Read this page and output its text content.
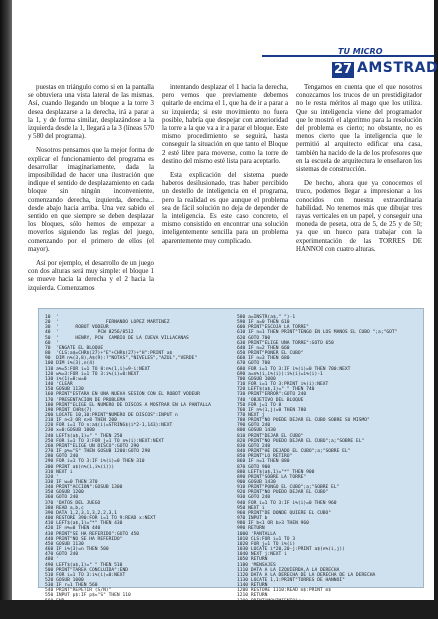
TU MICRO
27 AMSTRAD

puestas en triángulo como si en la pantalla se obtuviera una vista lateral de las mismas. Así, cuando llegando un bloque a la torre 3 desea desplazarse a la derecha, irá a parar a la 1, y de forma similar, desplazándose a la izquierda desde la 1, llegará a la 3 (líneas 570 y 580 del programa).

Nosotros pensamos que la mejor forma de explicar el funcionamiento del programa es desarrollar imaginariamente, dada la imposibilidad de hacer una ilustración que indique el sentido de desplazamiento en cada bloque sin ningún inconveniente, comenzando derecha, izquierda, derecha... desde abajo hacia arriba. Una vez sabido el sentido en que siempre se deben desplazar los bloques, sólo hemos de empezar a moverlos siguiendo las reglas del juego, comenzando por el primero de ellos (el mayor).

Así por ejemplo, el desarrollo de un juego con dos alturas será muy simple: el bloque 1 se mueve hacia la derecha y el 2 hacia la izquierda. Comenzamos

intentando desplazar el 1 hacia la derecha, pero vemos que previamente debemos quitarle de encima el 1, que ha de ir a parar a su izquierda; si este movimiento no fuera posible, habría que despejar con anterioridad la torre a la que va a ir a parar el bloque. Este mismo procedimiento se seguirá, hasta conseguir la situación en que tanto el Bloque 2 esté libre para moverse, como la torre de destino del mismo esté lista para aceptarlo.

Esta explicación del sistema puede haberos desilusionado, tras haber percibido un destello de inteligencia en el programa, pero la realidad es que aunque el problema sea de fácil solución no deja de depender de la inteligencia. Es este caso concreto, el mismo consistido en encontrar una solución inteligentemente sencilla para un problema aparentemente muy complicado.

Tengamos en cuenta que el que nosotros conozcamos los trucos de un prestidigitador no le resta méritos al mago que los utiliza. Que su inteligencia viene del programador que le mostró el algoritmo para la resolución del problema es cierto; no obstante, no es menos cierto que la inteligencia que le permitió al arquitecto edificar una casa, también ha nacido de la de los profesores que en la escuela de arquitectura le enseñaron los sistemas de construcción.

De hecho, ahora que ya conocemos el truco, podemos llegar a impresionar a los conocidos con nuestra extraordinaria habilidad. No tenemos más que dibujar tres rayas verticales en un papel, y conseguir una moneda de peseta, otra de 5, de 25 y de 50; ya que un hueco para trabajar con la experimentación de las TORRES DE HANNOI con cuatro alturas.

10  '
20  '                 FERNANDO LOPEZ MARTINEZ
30  '      ROBOT VODEUR
40  '              PCW 8256/8512
50  '      HENRY, PCW  CAMBIO DE LA CUEVA VILLACANAS
60  '
70  'ENGATE EL BLOQUE
80  'CLS:a$=CHR$(27)+"E"+CHR$(27)+"H":PRINT a$
90  DIM n%(3,8),A$(9):?"NOTAS","NIVELES","AZUL","VERDE"
100 DIM i%(3),n(4)
110 a%=5:FOR i=1 TO 8:n%(1,i)=9-i:NEXT
120 w%=3:FOR i=1 TO 3:i%(i)=0:NEXT
130 i%(1)=8:w=0
140 'CLEAR
150 GOSUB 1130
160 PRINT"ESTARA EN UNA NUEVA SESION CON EL ROBOT VODEUR
170 'PRESENTACION DE PROBLEMA
180 PRINT"ELIGE EL NUMERO DE DISCOS A MOSTRAR EN LA PANTALLA
190 PRINT CHR$(7)
200 LOCATE 10,10:PRINT"NUMERO DE DISCOS":INPUT n
210 IF n<3 OR n>8 THEN 200
220 FOR i=1 TO n:a$(i)=STRING$(i*2-1,143):NEXT
230 x=0:GOSUB 1000
240 LEFT$(a$,1)=" " THEN 250
250 FOR i=1 TO 3:FOR j=1 TO n%(i):NEXT:NEXT
260 PRINT"ELIGE UN DISCO":GOTO 290
270 IF p%="S" THEN GOSUB 1200:GOTO 290
280 GOTO 240
290 FOR i=1 TO 3:IF i%(i)=0 THEN 310
300 PRINT a$(n%(i,i%(i)))
310 NEXT i
320 '
330 IF w=0 THEN 370
340 PRINT"ACCION":GOSUB 1300
350 GOSUB 1200
360 GOTO 240
370 'DATOS DEL JUEGO
380 READ a,b,c
390 DATA 1,2,3,1,3,2,2,3,1
400 RESTORE 390:FOR i=1 TO 9:READ x:NEXT
410 LEFT$(a$,1)="*" THEN 430
420 IF n%=0 THEN 440
430 PRINT"SE HA REFERIDO":GOTO 450
440 PRINT"NO SE HA REFERIDO"
450 GOSUB 1130
460 IF i%(3)=n THEN 500
470 GOTO 240
480 '
490 LEFT$(a$,1)=" " THEN 510
500 PRINT"TAREA CONCLUIDA":END
510 FOR i=1 TO 3:i%(i)=0:NEXT
520 GOSUB 1000
530 IF r=1 THEN 560
540 PRINT"REPETIR (S/N)"
550 INPUT p$:IF p$="S" THEN 110
560 END
580 a=INSTR(a$," ")-1
590 IF a=0 THEN 610
600 PRINT"ESCOJA LA TORRE"
610 IF n=1 THEN PRINT"TENGO EN LOS MANOS EL CUBO ";a;"GOT"
620 GOTO 700
630 PRINT"ELIGE UNA TORRE":GOTO 650
640 IF n=2 THEN 660
650 PRINT"PONER EL CUBO"
660 IF n=3 THEN 680
670 GOTO 700
680 FOR i=1 TO 3:IF i%(i)=0 THEN 700:NEXT
690 a=n%(i,i%(i)):i%(i)=i%(i)-1
700 GOSUB 1000
710 FOR i=1 TO 3:PRINT i%(i):NEXT
720 LEFT$(a$,1)=" " THEN 740
730 PRINT"ERROR":GOTO 240
740 'OBJETIVO DEL BLOQUE
750 FOR j=1 TO 8
760 IF n%(1,j)=0 THEN 780
770 NEXT j
780 PRINT"NO PUEDE DEJAR EL CUBO SOBRE SU MISMO"
790 GOTO 240
800 GOSUB 1430
810 PRINT"DEJAR EL CUBO"
820 PRINT"NO PUEDO DEJAR EL CUBO";a;"SOBRE EL"
830 GOTO 240
840 PRINT"HE DEJADO EL CUBO";a;"SOBRE EL"
850 PRINT"LO RETIRO"
860 IF n=1 THEN 880
870 GOTO 900
880 LEFT$(a$,1)="*" THEN 900
890 PRINT"SOBRE LA TORRE"
900 GOSUB 1430
910 PRINT"PONGO EL CUBO";a;"SOBRE EL"
920 PRINT"NO PUEDO DEJAR EL CUBO"
930 GOTO 240
940 FOR i=1 TO 3:IF i%(i)=0 THEN 960
950 NEXT i
960 PRINT"DE DONDE QUIERE EL CUBO"
970 INPUT b
980 IF b<1 OR b>3 THEN 960
990 RETURN
1000 'PANTALLA
1010 CLS:FOR i=1 TO 3
1020 FOR j=1 TO i%(i)
1030 LOCATE i*20,20-j:PRINT a$(n%(i,j))
1040 NEXT j:NEXT i
1050 RETURN
1100 'MENSAJES
1110 DATA A LA IZQUIERDA,A LA DERECHA
1120 DATA A LA DERECHA DE LA DERECHA DE LA DERECHA
1130 LOCATE 1,1:PRINT"TORRES DE HANNOI"
1140 RETURN
1200 RESTORE 1110:READ m$:PRINT m$
1210 RETURN
1300 PRINT"MOVIMIENTO";w
1310 RETURN
1430 PRINT"PULSA UNA TECLA":CALL &BB18
1440 RETURN
